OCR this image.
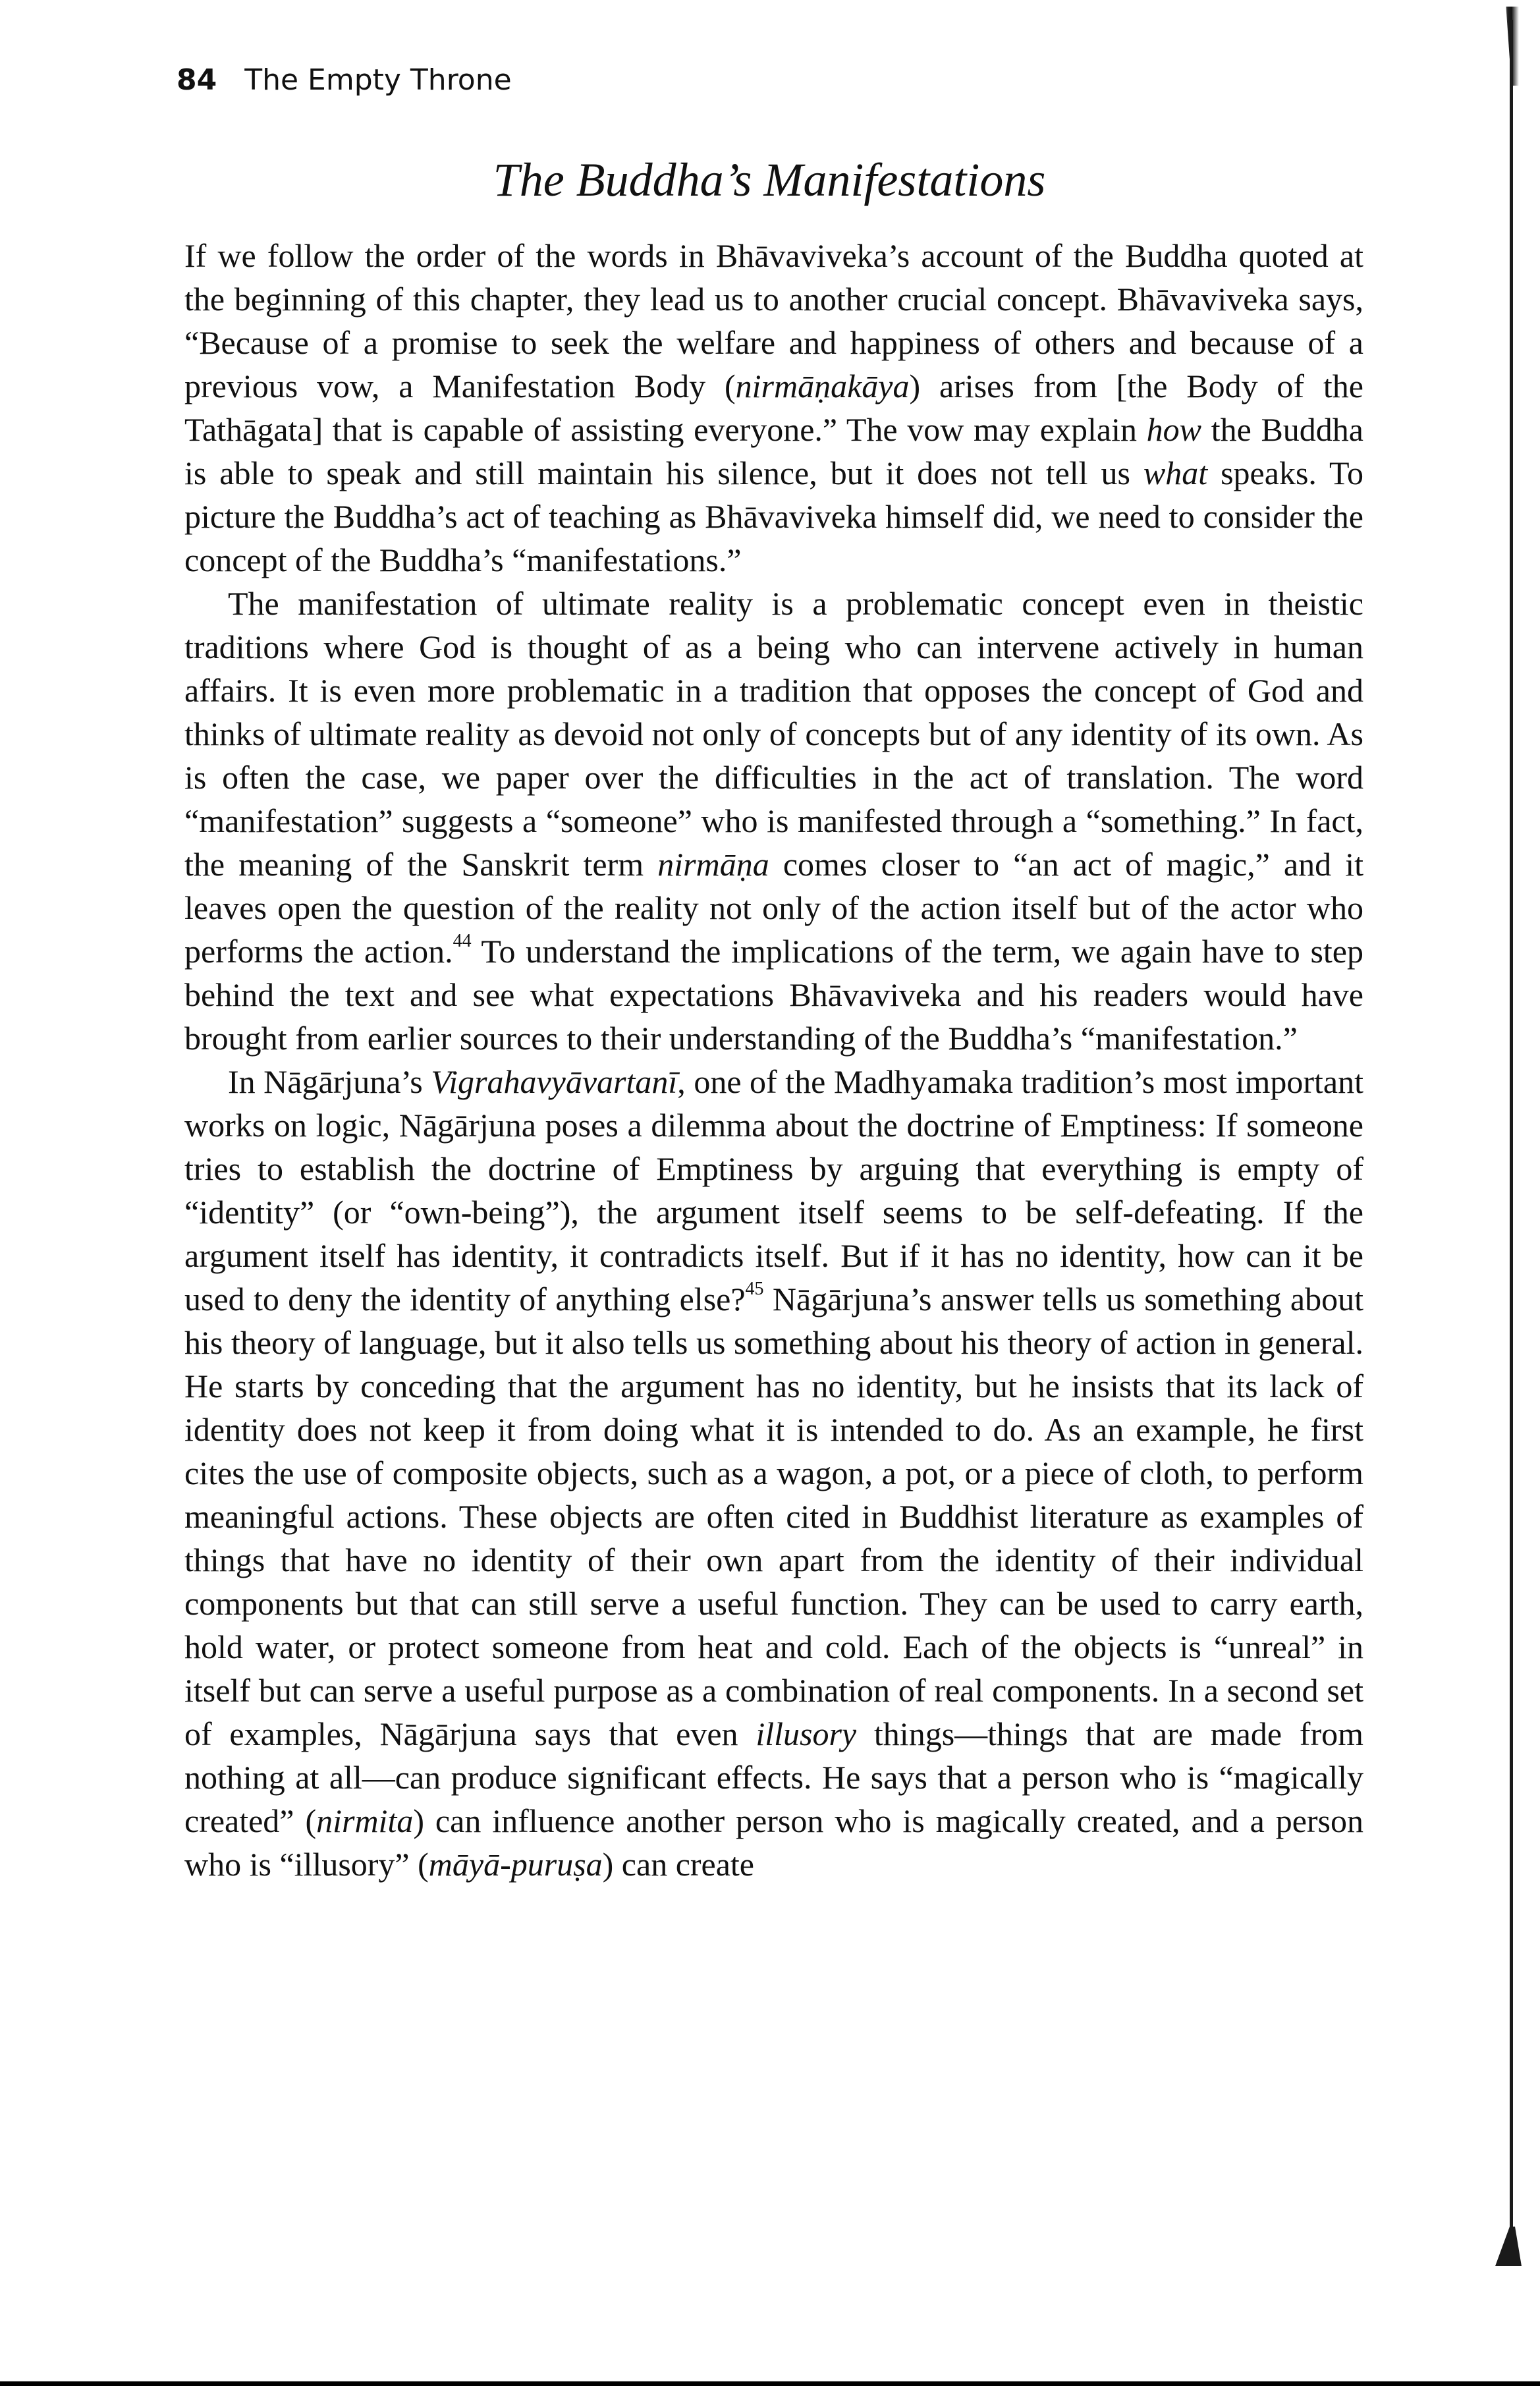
84 The Empty Throne
The Buddha’s Manifestations

If we follow the order of the words in Bhāvaviveka’s account of the Buddha quoted at the beginning of this chapter, they lead us to another crucial concept. Bhāvaviveka says, “Because of a promise to seek the welfare and happiness of others and because of a previous vow, a Manifestation Body (nirmāṇakāya) arises from [the Body of the Tathāgata] that is capable of assisting everyone.” The vow may explain how the Buddha is able to speak and still maintain his silence, but it does not tell us what speaks. To picture the Buddha’s act of teaching as Bhāvaviveka himself did, we need to consider the concept of the Buddha’s “manifestations.”

The manifestation of ultimate reality is a problematic concept even in theistic traditions where God is thought of as a being who can intervene actively in human affairs. It is even more problematic in a tradition that opposes the concept of God and thinks of ultimate reality as devoid not only of concepts but of any identity of its own. As is often the case, we paper over the difficulties in the act of translation. The word “manifestation” suggests a “someone” who is manifested through a “something.” In fact, the meaning of the Sanskrit term nirmāṇa comes closer to “an act of magic,” and it leaves open the question of the reality not only of the action itself but of the actor who performs the action.$^{44}$ To understand the implications of the term, we again have to step behind the text and see what expectations Bhāvaviveka and his readers would have brought from earlier sources to their understanding of the Buddha’s “manifestation.”

In Nāgārjuna’s Vigrahavyāvartanī, one of the Madhyamaka tradition’s most important works on logic, Nāgārjuna poses a dilemma about the doctrine of Emptiness: If someone tries to establish the doctrine of Emptiness by arguing that everything is empty of “identity” (or “own-being”), the argument itself seems to be self-defeating. If the argument itself has identity, it contradicts itself. But if it has no identity, how can it be used to deny the identity of anything else?$^{45}$ Nāgārjuna’s answer tells us something about his theory of language, but it also tells us something about his theory of action in general. He starts by conceding that the argument has no identity, but he insists that its lack of identity does not keep it from doing what it is intended to do. As an example, he first cites the use of composite objects, such as a wagon, a pot, or a piece of cloth, to perform meaningful actions. These objects are often cited in Buddhist literature as examples of things that have no identity of their own apart from the identity of their individual components but that can still serve a useful function. They can be used to carry earth, hold water, or protect someone from heat and cold. Each of the objects is “unreal” in itself but can serve a useful purpose as a combination of real components. In a second set of examples, Nāgārjuna says that even illusory things—things that are made from nothing at all—can produce significant effects. He says that a person who is “magically created” (nirmita) can influence another person who is magically created, and a person who is “illusory” (māyā-puruṣa) can create
